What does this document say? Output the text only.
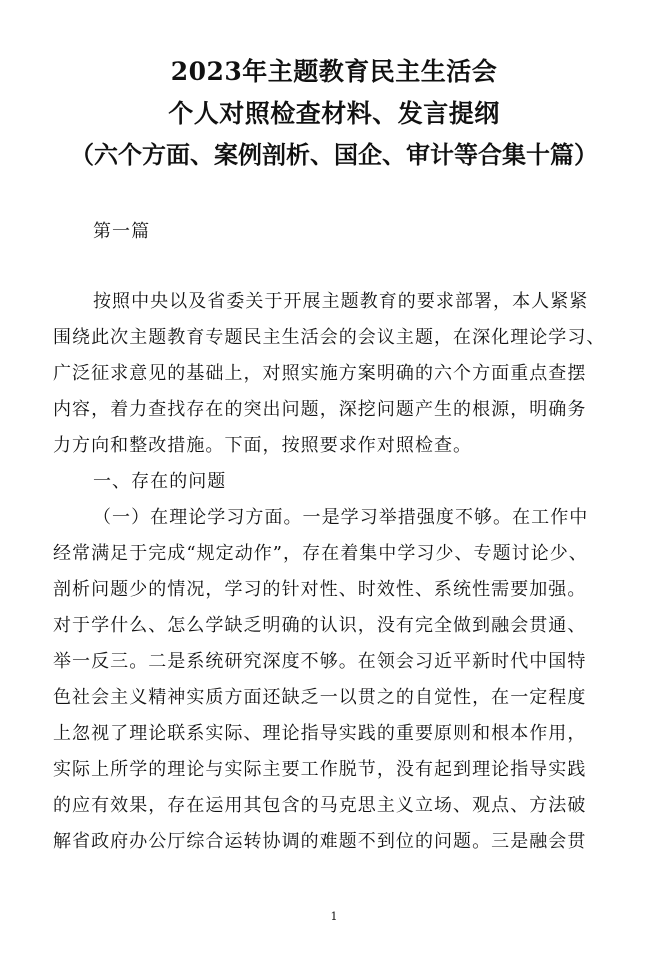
2023年主题教育民主生活会
个人对照检查材料、发言提纲
（六个方面、案例剖析、国企、审计等合集十篇）
第一篇
按照中央以及省委关于开展主题教育的要求部署，本人紧紧
围绕此次主题教育专题民主生活会的会议主题，在深化理论学习、
广泛征求意见的基础上，对照实施方案明确的六个方面重点查摆
内容，着力查找存在的突出问题，深挖问题产生的根源，明确务
力方向和整改措施。下面，按照要求作对照检查。
一、存在的问题
（一）在理论学习方面。一是学习举措强度不够。在工作中
经常满足于完成“规定动作”，存在着集中学习少、专题讨论少、
剖析问题少的情况，学习的针对性、时效性、系统性需要加强。
对于学什么、怎么学缺乏明确的认识，没有完全做到融会贯通、
举一反三。二是系统研究深度不够。在领会习近平新时代中国特
色社会主义精神实质方面还缺乏一以贯之的自觉性，在一定程度
上忽视了理论联系实际、理论指导实践的重要原则和根本作用，
实际上所学的理论与实际主要工作脱节，没有起到理论指导实践
的应有效果，存在运用其包含的马克思主义立场、观点、方法破
解省政府办公厅综合运转协调的难题不到位的问题。三是融会贯
1
